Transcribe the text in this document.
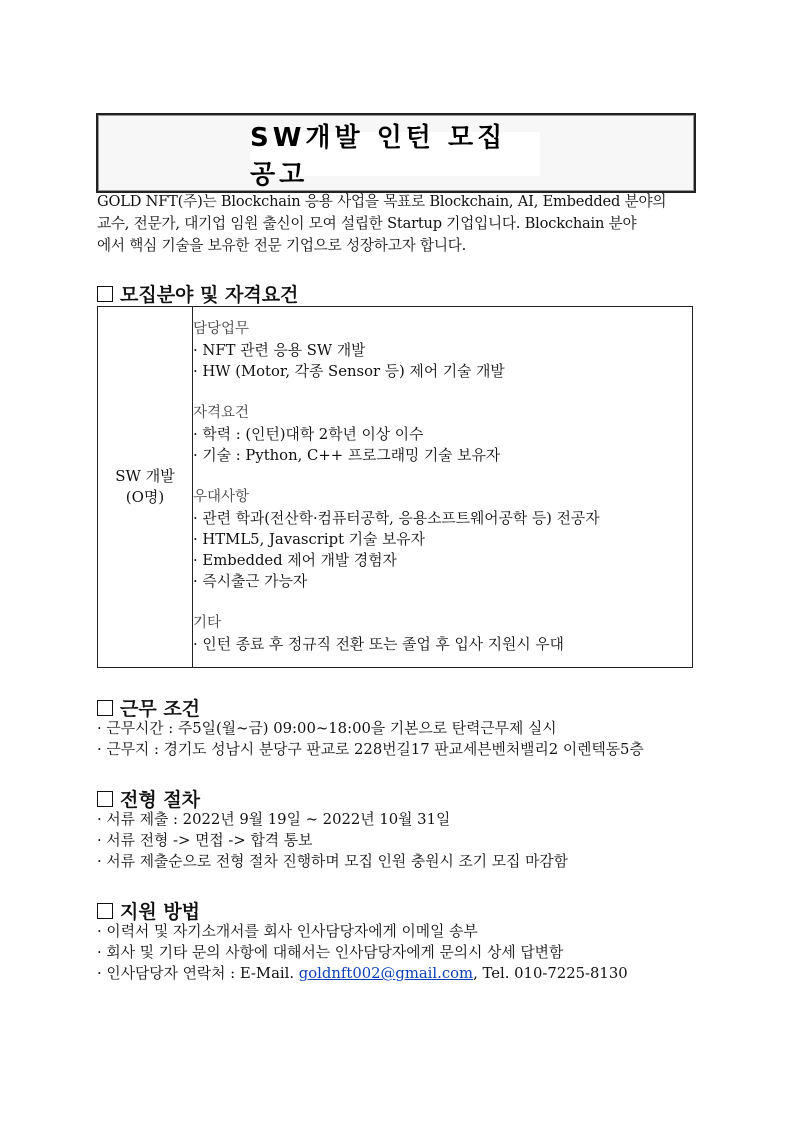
SW개발 인턴 모집 공고

GOLD NFT(주)는 Blockchain 응용 사업을 목표로 Blockchain, AI, Embedded 분야의

교수, 전문가, 대기업 임원 출신이 모여 설립한 Startup 기업입니다. Blockchain 분야

에서 핵심 기술을 보유한 전문 기업으로 성장하고자 합니다.

모집분야 및 자격요건
SW 개발
(O명)

담당업무
· NFT 관련 응용 SW 개발
· HW (Motor, 각종 Sensor 등) 제어 기술 개발
자격요건
· 학력 : (인턴)대학 2학년 이상 이수
· 기술 : Python, C++ 프로그래밍 기술 보유자
우대사항
· 관련 학과(전산학·컴퓨터공학, 응용소프트웨어공학 등) 전공자
· HTML5, Javascript 기술 보유자
· Embedded 제어 개발 경험자
· 즉시출근 가능자
기타
· 인턴 종료 후 정규직 전환 또는 졸업 후 입사 지원시 우대
근무 조건
· 근무시간 : 주5일(월~금) 09:00~18:00을 기본으로 탄력근무제 실시
· 근무지 : 경기도 성남시 분당구 판교로 228번길17 판교세븐벤처밸리2 이렌텍동5층
전형 절차
· 서류 제출 : 2022년 9월 19일 ~ 2022년 10월 31일
· 서류 전형 -> 면접 -> 합격 통보
· 서류 제출순으로 전형 절차 진행하며 모집 인원 충원시 조기 모집 마감함
지원 방법
· 이력서 및 자기소개서를 회사 인사담당자에게 이메일 송부
· 회사 및 기타 문의 사항에 대해서는 인사담당자에게 문의시 상세 답변함
· 인사담당자 연락처 : E-Mail. goldnft002@gmail.com, Tel. 010-7225-8130
